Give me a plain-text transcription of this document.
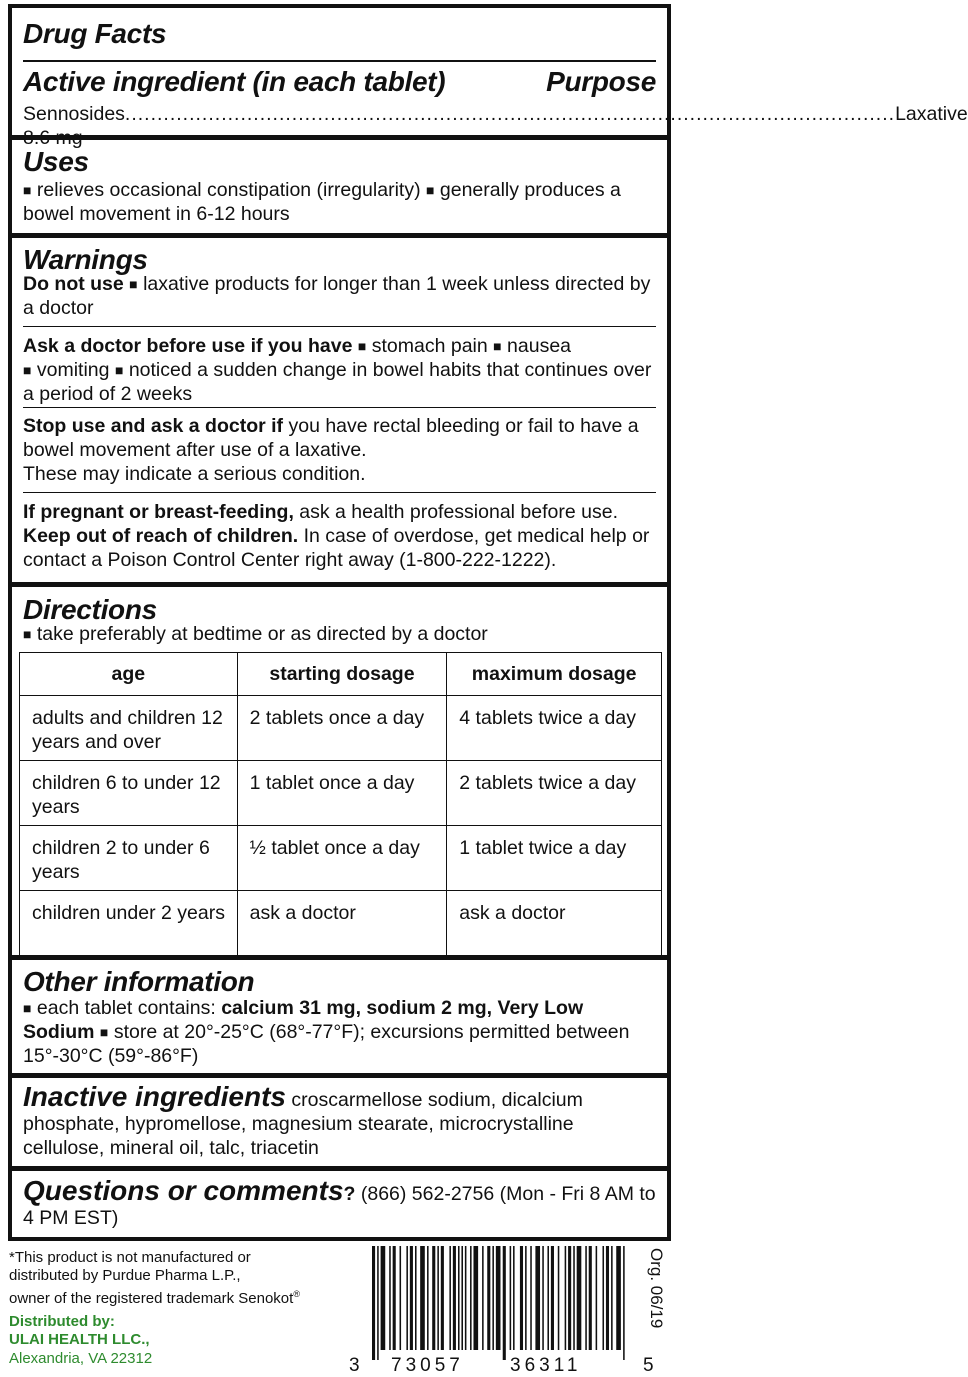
Drug Facts
Active ingredient (in each tablet)	Purpose
Sennosides ........................................................................................................................ Laxative
Uses

■ relieves occasional constipation (irregularity) ■ generally produces a bowel movement in 6-12 hours

Warnings

Do not use ■ laxative products for longer than 1 week unless directed by a doctor

Ask a doctor before use if you have ■ stomach pain ■ nausea
■ vomiting ■ noticed a sudden change in bowel habits that continues over a period of 2 weeks

Stop use and ask a doctor if you have rectal bleeding or fail to have a bowel movement after use of a laxative.
These may indicate a serious condition.

If pregnant or breast-feeding, ask a health professional before use.
Keep out of reach of children. In case of overdose, get medical help or contact a Poison Control Center right away (1-800-222-1222).

Directions

■ take preferably at bedtime or as directed by a doctor

age	starting dosage	maximum dosage
adults and children 12 years and over	2 tablets once a day	4 tablets twice a day
children 6 to under 12 years	1 tablet once a day	2 tablets twice a day
children 2 to under 6 years	½ tablet once a day	1 tablet twice a day
children under 2 years	ask a doctor	ask a doctor
Other information

■ each tablet contains: calcium 31 mg, sodium 2 mg, Very Low Sodium ■ store at 20°-25°C (68°-77°F); excursions permitted between 15°-30°C (59°-86°F)

Inactive ingredients croscarmellose sodium, dicalcium phosphate, hypromellose, magnesium stearate, microcrystalline cellulose, mineral oil, talc, triacetin

Questions or comments? (866) 562-2756 (Mon - Fri 8 AM to 4 PM EST)

*This product is not manufactured or
distributed by Purdue Pharma L.P.,
owner of the registered trademark Senokot®
Distributed by:
ULAI HEALTH LLC.,
Alexandria, VA 22312	3 73057 36311	5
Org. 06/19
